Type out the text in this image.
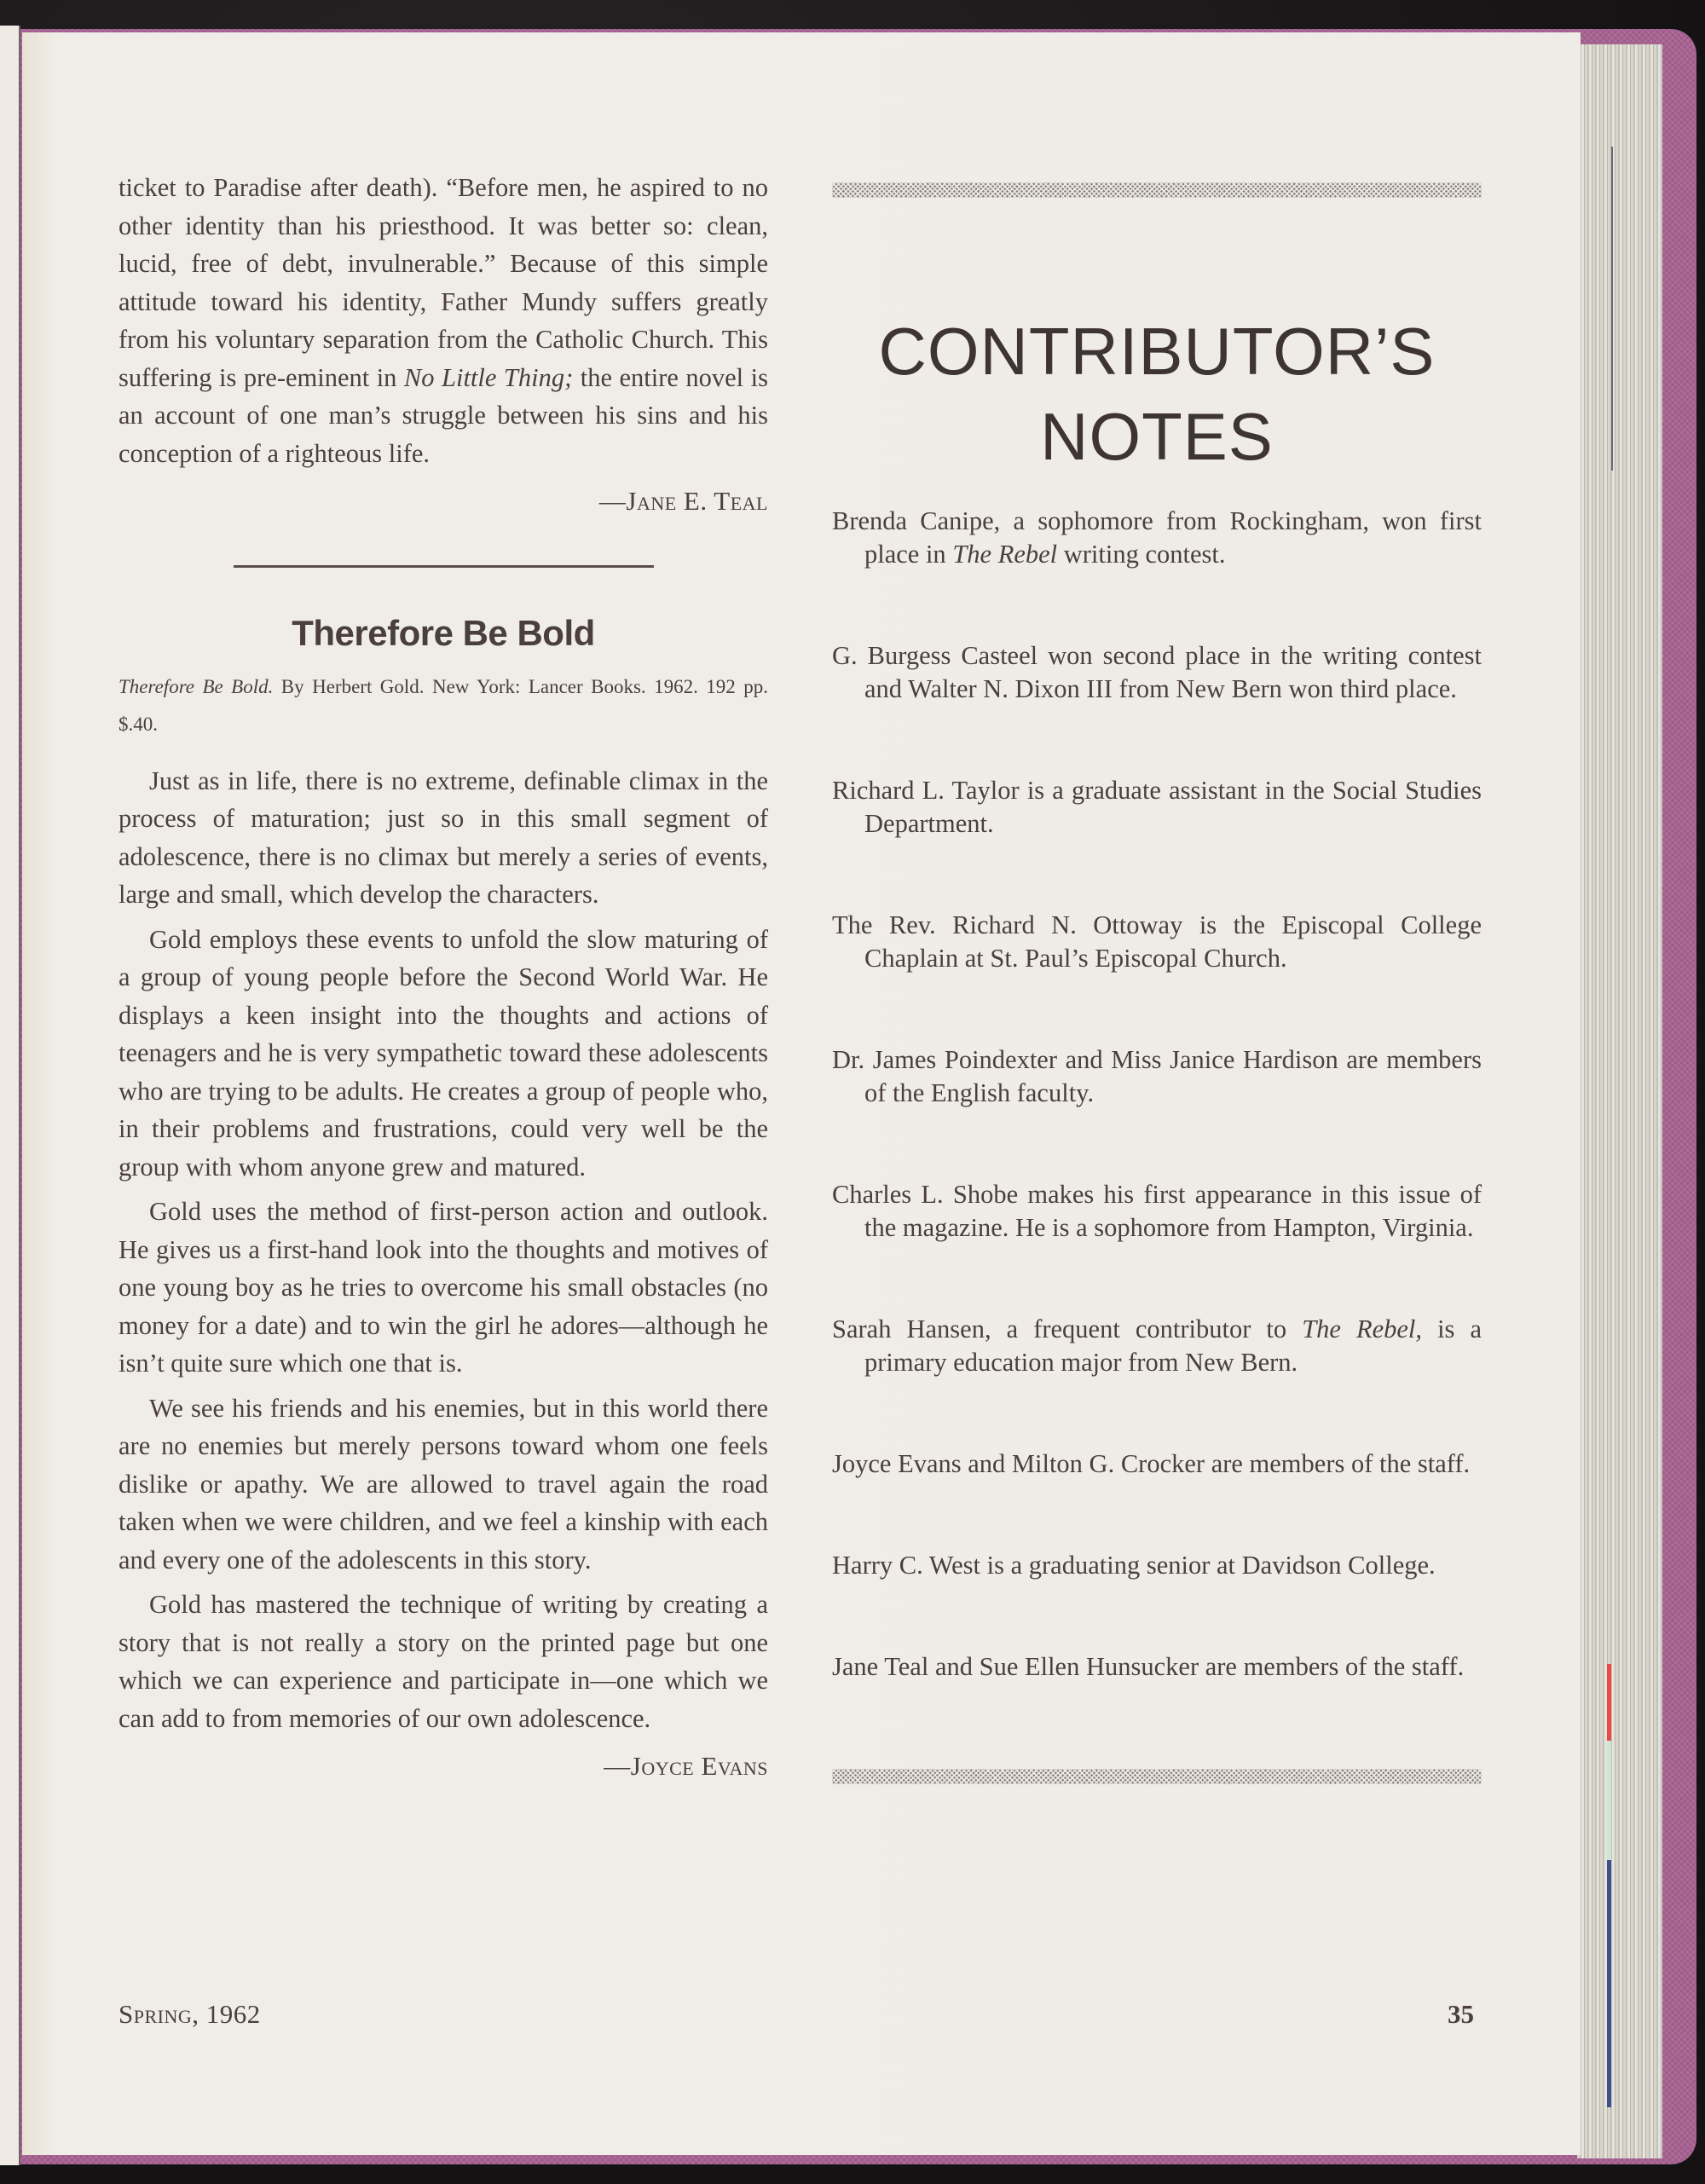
ticket to Paradise after death). “Before men, he aspired to no other identity than his priesthood. It was better so: clean, lucid, free of debt, invulnerable.” Because of this simple attitude toward his identity, Father Mundy suffers greatly from his voluntary separation from the Catholic Church. This suffering is pre-eminent in No Little Thing; the entire novel is an account of one man’s struggle between his sins and his conception of a righteous life.

—Jane E. Teal
Therefore Be Bold
Therefore Be Bold. By Herbert Gold. New York: Lancer Books. 1962. 192 pp. $.40.

Just as in life, there is no extreme, definable climax in the process of maturation; just so in this small segment of adolescence, there is no climax but merely a series of events, large and small, which develop the characters.

Gold employs these events to unfold the slow maturing of a group of young people before the Second World War. He displays a keen insight into the thoughts and actions of teenagers and he is very sympathetic toward these adolescents who are trying to be adults. He creates a group of people who, in their problems and frustrations, could very well be the group with whom anyone grew and matured.

Gold uses the method of first-person action and outlook. He gives us a first-hand look into the thoughts and motives of one young boy as he tries to overcome his small obstacles (no money for a date) and to win the girl he adores—although he isn’t quite sure which one that is.

We see his friends and his enemies, but in this world there are no enemies but merely persons toward whom one feels dislike or apathy. We are allowed to travel again the road taken when we were children, and we feel a kinship with each and every one of the adolescents in this story.

Gold has mastered the technique of writing by creating a story that is not really a story on the printed page but one which we can experience and participate in—one which we can add to from memories of our own adolescence.

—Joyce Evans
CONTRIBUTOR’S
NOTES
Brenda Canipe, a sophomore from Rockingham, won first place in The Rebel writing contest.
G. Burgess Casteel won second place in the writing contest and Walter N. Dixon III from New Bern won third place.
Richard L. Taylor is a graduate assistant in the Social Studies Department.
The Rev. Richard N. Ottoway is the Episcopal College Chaplain at St. Paul’s Episcopal Church.
Dr. James Poindexter and Miss Janice Hardison are members of the English faculty.
Charles L. Shobe makes his first appearance in this issue of the magazine. He is a sophomore from Hampton, Virginia.
Sarah Hansen, a frequent contributor to The Rebel, is a primary education major from New Bern.
Joyce Evans and Milton G. Crocker are members of the staff.
Harry C. West is a graduating senior at Davidson College.
Jane Teal and Sue Ellen Hunsucker are members of the staff.
Spring, 1962	35
